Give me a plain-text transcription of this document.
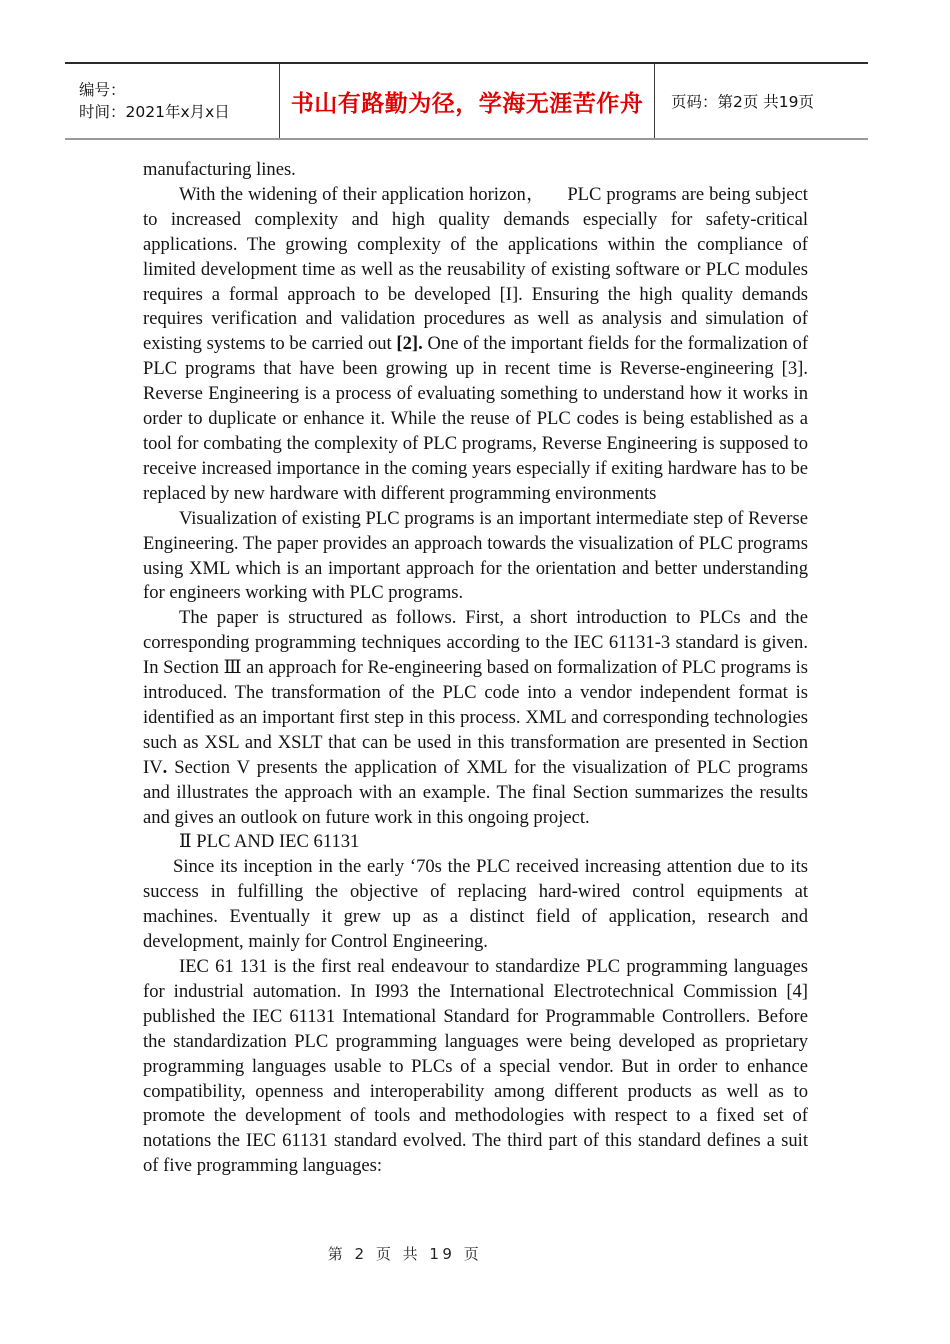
编号：
时间：2021年x月x日	书山有路勤为径，学海无涯苦作舟 页码：第2页 共19页

manufacturing lines.

With the widening of their application horizon， PLC programs are being subject to increased complexity and high quality demands especially for safety-critical applications. The growing complexity of the applications within the compliance of limited development time as well as the reusability of existing software or PLC modules requires a formal approach to be developed [I]. Ensuring the high quality demands requires verification and validation procedures as well as analysis and simulation of existing systems to be carried out [2]. One of the important fields for the formalization of PLC programs that have been growing up in recent time is Reverse-engineering [3]. Reverse Engineering is a process of evaluating something to understand how it works in order to duplicate or enhance it. While the reuse of PLC codes is being established as a tool for combating the complexity of PLC programs, Reverse Engineering is supposed to receive increased importance in the coming years especially if exiting hardware has to be replaced by new hardware with different programming environments

Visualization of existing PLC programs is an important intermediate step of Reverse Engineering. The paper provides an approach towards the visualization of PLC programs using XML which is an important approach for the orientation and better understanding for engineers working with PLC programs.

The paper is structured as follows. First, a short introduction to PLCs and the corresponding programming techniques according to the IEC 61131-3 standard is given. In Section Ⅲ an approach for Re-engineering based on formalization of PLC programs is introduced. The transformation of the PLC code into a vendor independent format is identified as an important first step in this process. XML and corresponding technologies such as XSL and XSLT that can be used in this transformation are presented in Section IV. Section V presents the application of XML for the visualization of PLC programs and illustrates the approach with an example. The final Section summarizes the results and gives an outlook on future work in this ongoing project.

Ⅱ PLC AND IEC 61131

Since its inception in the early ‘70s the PLC received increasing attention due to its success in fulfilling the objective of replacing hard-wired control equipments at machines. Eventually it grew up as a distinct field of application, research and development, mainly for Control Engineering.

IEC 61 131 is the first real endeavour to standardize PLC programming languages for industrial automation. In I993 the International Electrotechnical Commission [4] published the IEC 61131 Intemational Standard for Programmable Controllers. Before the standardization PLC programming languages were being developed as proprietary programming languages usable to PLCs of a special vendor. But in order to enhance compatibility, openness and interoperability among different products as well as to promote the development of tools and methodologies with respect to a fixed set of notations the IEC 61131 standard evolved. The third part of this standard defines a suit of five programming languages:

第 2 页 共 19 页
